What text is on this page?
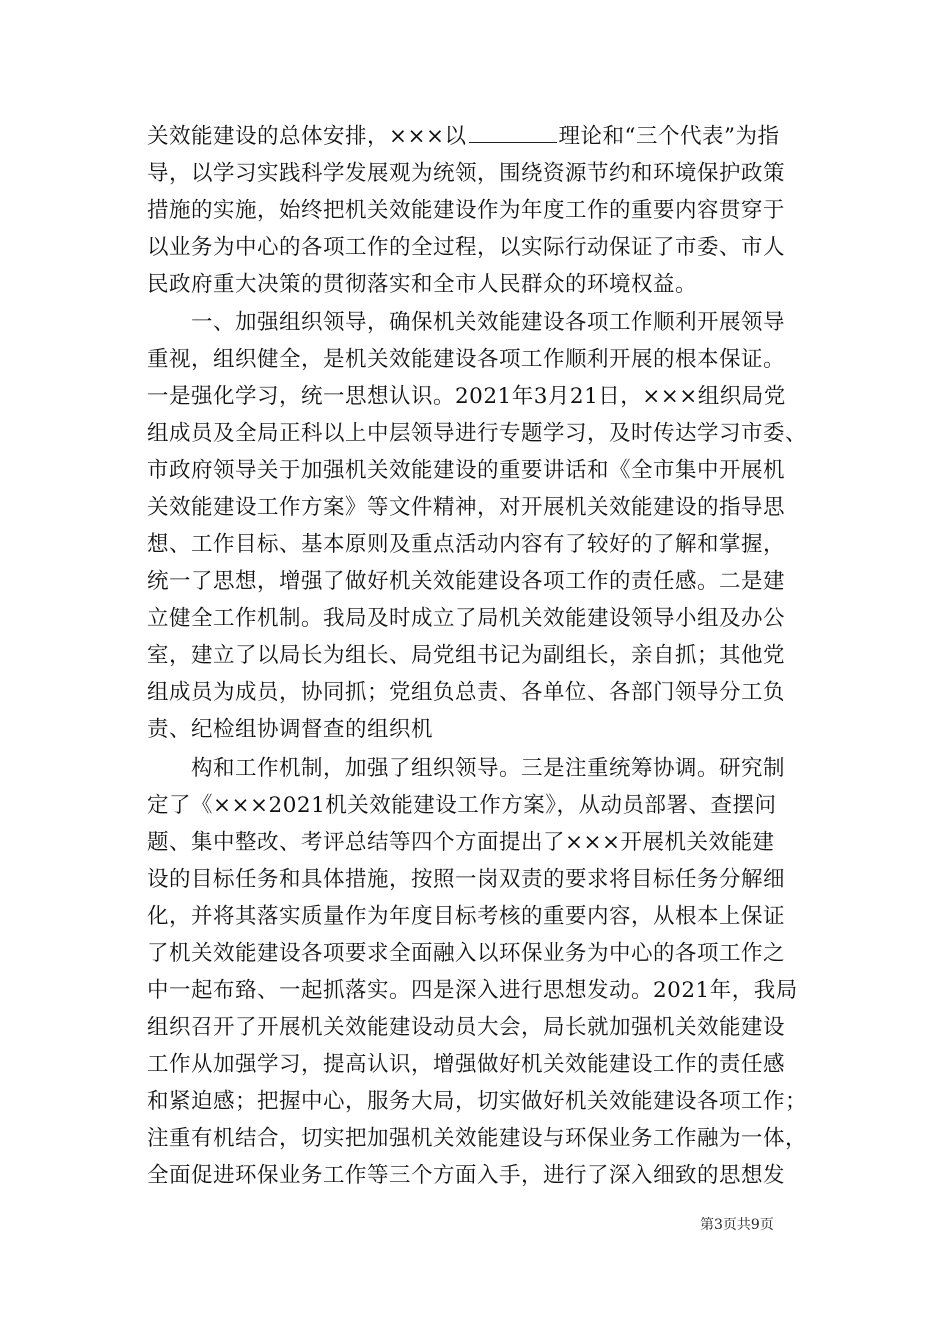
关效能建设的总体安排，×××以	理论和“三个代表”为指
导，以学习实践科学发展观为统领，围绕资源节约和环境保护政策
措施的实施，始终把机关效能建设作为年度工作的重要内容贯穿于
以业务为中心的各项工作的全过程，以实际行动保证了市委、市人
民政府重大决策的贯彻落实和全市人民群众的环境权益。
　　一、加强组织领导，确保机关效能建设各项工作顺利开展领导
重视，组织健全，是机关效能建设各项工作顺利开展的根本保证。
一是强化学习，统一思想认识。2021年3月21日，×××组织局党
组成员及全局正科以上中层领导进行专题学习，及时传达学习市委、
市政府领导关于加强机关效能建设的重要讲话和《全市集中开展机
关效能建设工作方案》等文件精神，对开展机关效能建设的指导思
想、工作目标、基本原则及重点活动内容有了较好的了解和掌握，
统一了思想，增强了做好机关效能建设各项工作的责任感。二是建
立健全工作机制。我局及时成立了局机关效能建设领导小组及办公
室，建立了以局长为组长、局党组书记为副组长，亲自抓；其他党
组成员为成员，协同抓；党组负总责、各单位、各部门领导分工负
责、纪检组协调督查的组织机
　　构和工作机制，加强了组织领导。三是注重统筹协调。研究制
定了《×××2021机关效能建设工作方案》，从动员部署、查摆问
题、集中整改、考评总结等四个方面提出了×××开展机关效能建
设的目标任务和具体措施，按照一岗双责的要求将目标任务分解细
化，并将其落实质量作为年度目标考核的重要内容，从根本上保证
了机关效能建设各项要求全面融入以环保业务为中心的各项工作之
中一起布臵、一起抓落实。四是深入进行思想发动。2021年，我局
组织召开了开展机关效能建设动员大会，局长就加强机关效能建设
工作从加强学习，提高认识，增强做好机关效能建设工作的责任感
和紧迫感；把握中心，服务大局，切实做好机关效能建设各项工作；
注重有机结合，切实把加强机关效能建设与环保业务工作融为一体，
全面促进环保业务工作等三个方面入手，进行了深入细致的思想发
第3页共9页
